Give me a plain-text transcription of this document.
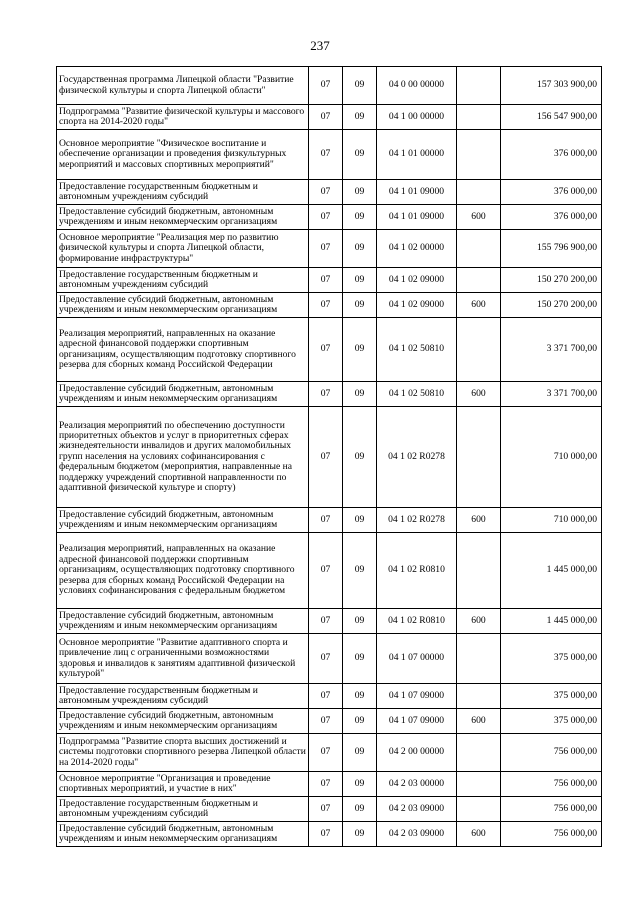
237
Государственная программа Липецкой области "Развитие физической культуры и спорта Липецкой области"	07	09	04 0 00 00000		157 303 900,00
Подпрограмма "Развитие физической культуры и массового спорта на 2014-2020 годы"	07	09	04 1 00 00000		156 547 900,00
Основное мероприятие "Физическое воспитание и обеспечение организации и проведения физкультурных мероприятий и массовых спортивных мероприятий"	07	09	04 1 01 00000		376 000,00
Предоставление государственным бюджетным и автономным учреждениям субсидий	07	09	04 1 01 09000		376 000,00
Предоставление субсидий бюджетным, автономным учреждениям и иным некоммерческим организациям	07	09	04 1 01 09000	600	376 000,00
Основное мероприятие "Реализация мер по развитию физической культуры и спорта Липецкой области, формирование инфраструктуры"	07	09	04 1 02 00000		155 796 900,00
Предоставление государственным бюджетным и автономным учреждениям субсидий	07	09	04 1 02 09000		150 270 200,00
Предоставление субсидий бюджетным, автономным учреждениям и иным некоммерческим организациям	07	09	04 1 02 09000	600	150 270 200,00
Реализация мероприятий, направленных на оказание адресной финансовой поддержки спортивным организациям, осуществляющим подготовку спортивного резерва для сборных команд Российской Федерации	07	09	04 1 02 50810		3 371 700,00
Предоставление субсидий бюджетным, автономным учреждениям и иным некоммерческим организациям	07	09	04 1 02 50810	600	3 371 700,00
Реализация мероприятий по обеспечению доступности приоритетных объектов и услуг в приоритетных сферах жизнедеятельности инвалидов и других маломобильных групп населения на условиях софинансирования с федеральным бюджетом (мероприятия, направленные на поддержку учреждений спортивной направленности по адаптивной физической культуре и спорту)	07	09	04 1 02 R0278		710 000,00
Предоставление субсидий бюджетным, автономным учреждениям и иным некоммерческим организациям	07	09	04 1 02 R0278	600	710 000,00
Реализация мероприятий, направленных на оказание адресной финансовой поддержки спортивным организациям, осуществляющих подготовку спортивного резерва для сборных команд Российской Федерации на условиях софинансирования с федеральным бюджетом	07	09	04 1 02 R0810		1 445 000,00
Предоставление субсидий бюджетным, автономным учреждениям и иным некоммерческим организациям	07	09	04 1 02 R0810	600	1 445 000,00
Основное мероприятие "Развитие адаптивного спорта и привлечение лиц с ограниченными возможностями здоровья и инвалидов к занятиям адаптивной физической культурой"	07	09	04 1 07 00000		375 000,00
Предоставление государственным бюджетным и автономным учреждениям субсидий	07	09	04 1 07 09000		375 000,00
Предоставление субсидий бюджетным, автономным учреждениям и иным некоммерческим организациям	07	09	04 1 07 09000	600	375 000,00
Подпрограмма "Развитие спорта высших достижений и системы подготовки спортивного резерва Липецкой области на 2014-2020 годы"	07	09	04 2 00 00000		756 000,00
Основное мероприятие "Организация и проведение спортивных мероприятий, и участие в них"	07	09	04 2 03 00000		756 000,00
Предоставление государственным бюджетным и автономным учреждениям субсидий	07	09	04 2 03 09000		756 000,00
Предоставление субсидий бюджетным, автономным учреждениям и иным некоммерческим организациям	07	09	04 2 03 09000	600	756 000,00
